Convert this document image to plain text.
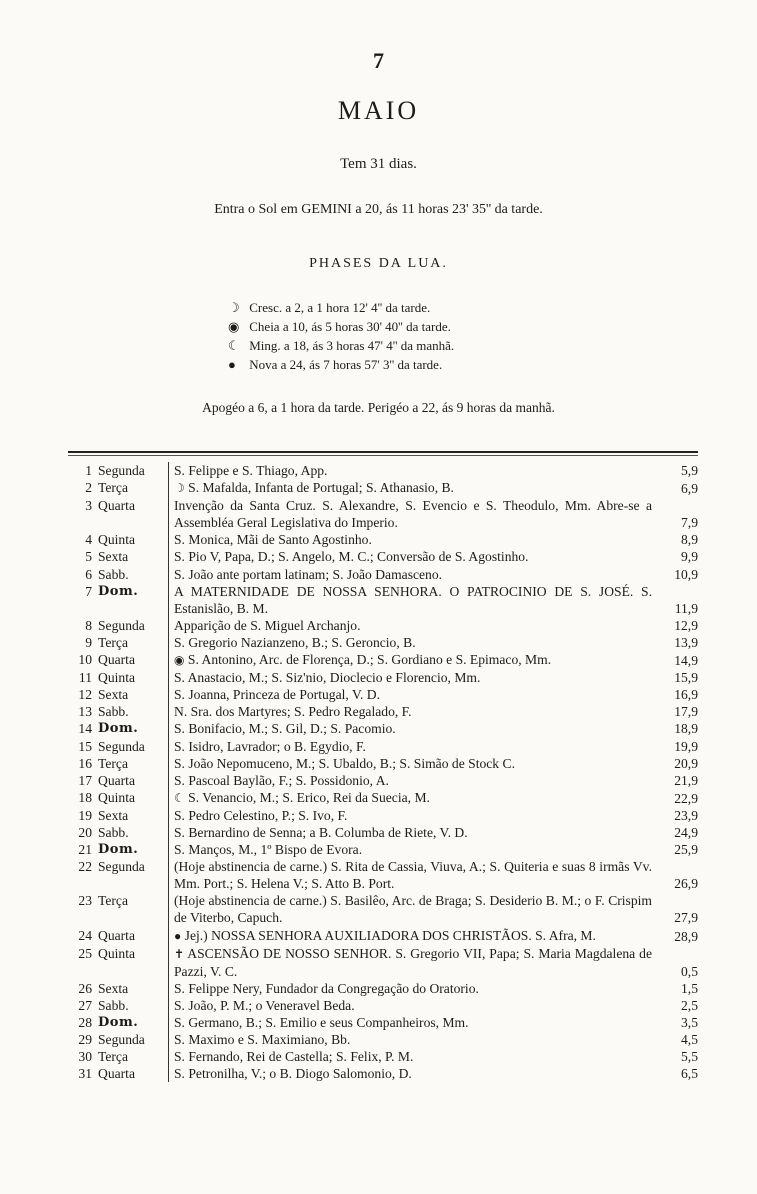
7
MAIO
Tem 31 dias.
Entra o Sol em GEMINI a 20, ás 11 horas 23' 35'' da tarde.
PHASES DA LUA.
☽ Cresc. a 2, a 1 hora 12' 4'' da tarde.
◉ Cheia a 10, ás 5 horas 30' 40'' da tarde.
☾ Ming. a 18, ás 3 horas 47' 4'' da manhã.
● Nova a 24, ás 7 horas 57' 3'' da tarde.
Apogéo a 6, a 1 hora da tarde. Perigéo a 22, ás 9 horas da manhã.
1 Segunda	S. Felippe e S. Thiago, App.	5,9
2 Terça	☽ S. Mafalda, Infanta de Portugal; S. Athanasio, B.	6,9
3 Quarta	Invenção da Santa Cruz. S. Alexandre, S. Evencio e S. Theodulo, Mm. Abre-se a Assembléa Geral Legislativa do Imperio.	7,9
4 Quinta	S. Monica, Mãi de Santo Agostinho.	8,9
5 Sexta	S. Pio V, Papa, D.; S. Angelo, M. C.; Conversão de S. Agostinho.	9,9
6 Sabb.	S. João ante portam latinam; S. João Damasceno.	10,9
7 Dom.	A MATERNIDADE DE NOSSA SENHORA. O PATROCINIO DE S. JOSÉ. S. Estanislão, B. M.	11,9
8 Segunda	Apparição de S. Miguel Archanjo.	12,9
9 Terça	S. Gregorio Nazianzeno, B.; S. Geroncio, B.	13,9
10 Quarta	◉ S. Antonino, Arc. de Florença, D.; S. Gordiano e S. Epimaco, Mm.	14,9
11 Quinta	S. Anastacio, M.; S. Siz'nio, Dioclecio e Florencio, Mm.	15,9
12 Sexta	S. Joanna, Princeza de Portugal, V. D.	16,9
13 Sabb.	N. Sra. dos Martyres; S. Pedro Regalado, F.	17,9
14 Dom.	S. Bonifacio, M.; S. Gil, D.; S. Pacomio.	18,9
15 Segunda	S. Isidro, Lavrador; o B. Egydio, F.	19,9
16 Terça	S. João Nepomuceno, M.; S. Ubaldo, B.; S. Simão de Stock C.	20,9
17 Quarta	S. Pascoal Baylão, F.; S. Possidonio, A.	21,9
18 Quinta	☾ S. Venancio, M.; S. Erico, Rei da Suecia, M.	22,9
19 Sexta	S. Pedro Celestino, P.; S. Ivo, F.	23,9
20 Sabb.	S. Bernardino de Senna; a B. Columba de Riete, V. D.	24,9
21 Dom.	S. Manços, M., 1º Bispo de Evora.	25,9
22 Segunda	(Hoje abstinencia de carne.) S. Rita de Cassia, Viuva, A.; S. Quiteria e suas 8 irmãs Vv. Mm. Port.; S. Helena V.; S. Atto B. Port.	26,9
23 Terça	(Hoje abstinencia de carne.) S. Basilêo, Arc. de Braga; S. Desiderio B. M.; o F. Crispim de Viterbo, Capuch.	27,9
24 Quarta	● Jej.) NOSSA SENHORA AUXILIADORA DOS CHRISTÃOS. S. Afra, M.	28,9
25 Quinta	✝ ASCENSÃO DE NOSSO SENHOR. S. Gregorio VII, Papa; S. Maria Magdalena de Pazzi, V. C.	0,5
26 Sexta	S. Felippe Nery, Fundador da Congregação do Oratorio.	1,5
27 Sabb.	S. João, P. M.; o Veneravel Beda.	2,5
28 Dom.	S. Germano, B.; S. Emilio e seus Companheiros, Mm.	3,5
29 Segunda	S. Maximo e S. Maximiano, Bb.	4,5
30 Terça	S. Fernando, Rei de Castella; S. Felix, P. M.	5,5
31 Quarta	S. Petronilha, V.; o B. Diogo Salomonio, D.	6,5
